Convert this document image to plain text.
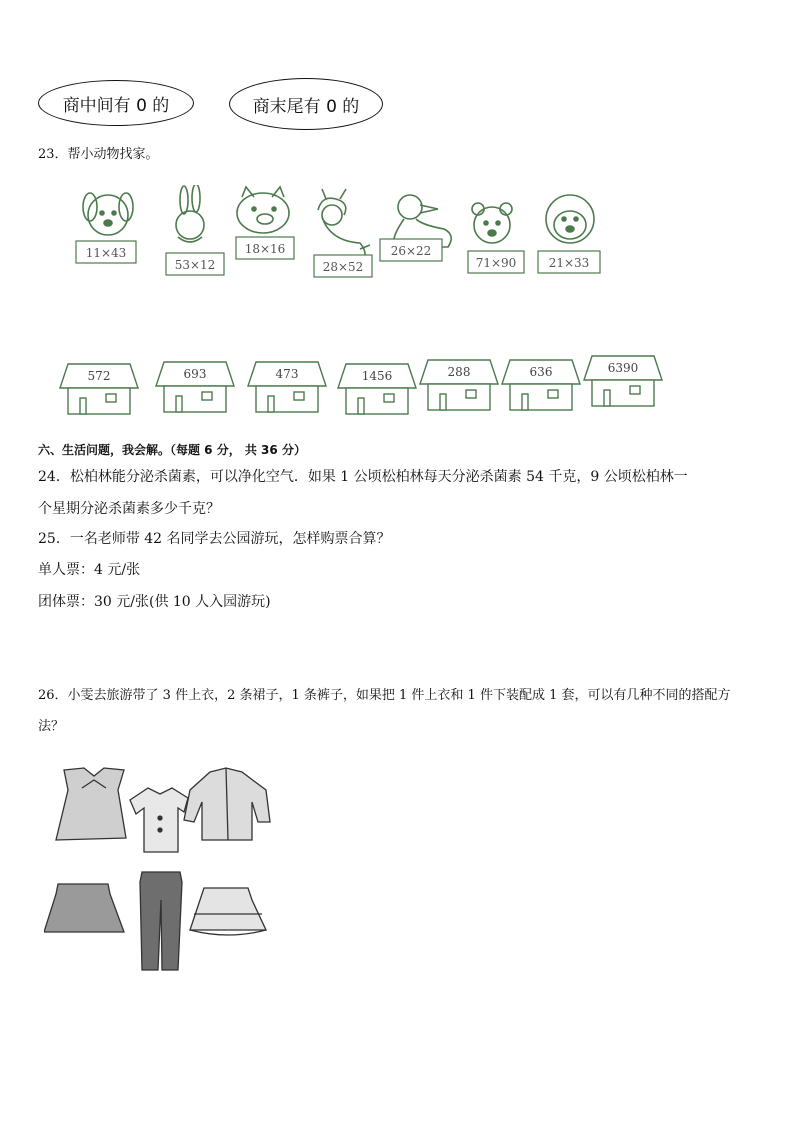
商中间有 0 的	商末尾有 0 的
23．帮小动物找家。
11×43
53×12
18×16
28×52
26×22
71×90	21×33
572	693	473	1456	288	636	6390
六、生活问题，我会解。（每题 6 分， 共 36 分）
24．松柏林能分泌杀菌素，可以净化空气．如果 1 公顷松柏林每天分泌杀菌素 54 千克，9 公顷松柏林一
个星期分泌杀菌素多少千克？
25．一名老师带 42 名同学去公园游玩，怎样购票合算？
单人票：4 元/张
团体票：30 元/张(供 10 人入园游玩)
26．小雯去旅游带了 3 件上衣，2 条裙子，1 条裤子，如果把 1 件上衣和 1 件下装配成 1 套，可以有几种不同的搭配方
法？
